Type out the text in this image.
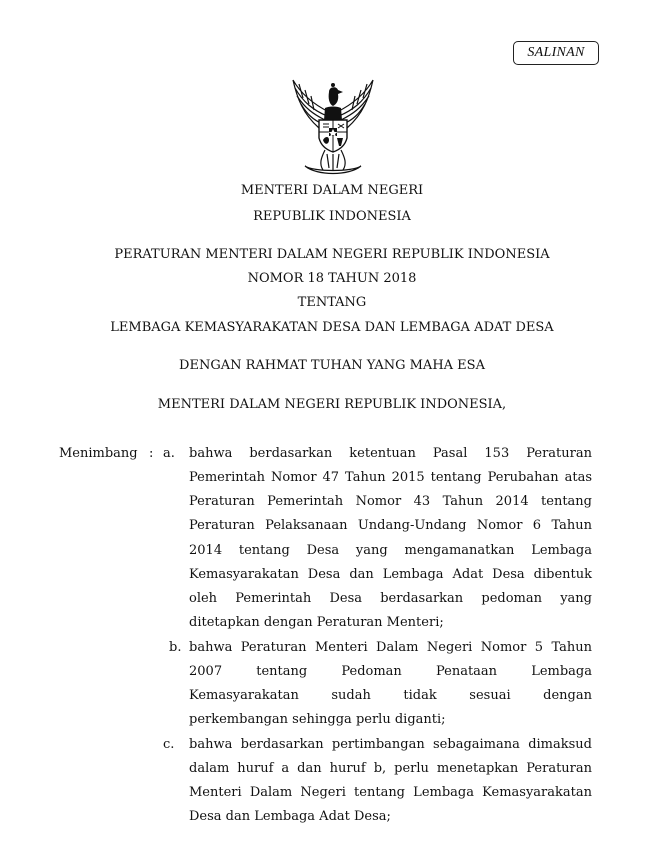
SALINAN
MENTERI DALAM NEGERI
REPUBLIK INDONESIA
PERATURAN MENTERI DALAM NEGERI REPUBLIK INDONESIA
NOMOR 18 TAHUN 2018
TENTANG
LEMBAGA KEMASYARAKATAN DESA DAN LEMBAGA ADAT DESA
DENGAN RAHMAT TUHAN YANG MAHA ESA
MENTERI DALAM NEGERI REPUBLIK INDONESIA,
Menimbang : a. bahwa berdasarkan ketentuan Pasal 153 Peraturan
Pemerintah Nomor 47 Tahun 2015 tentang Perubahan atas
Peraturan Pemerintah Nomor 43 Tahun 2014 tentang
Peraturan Pelaksanaan Undang-Undang Nomor 6 Tahun
2014 tentang Desa yang mengamanatkan Lembaga
Kemasyarakatan Desa dan Lembaga Adat Desa dibentuk
oleh Pemerintah Desa berdasarkan pedoman yang
ditetapkan dengan Peraturan Menteri;
b. bahwa Peraturan Menteri Dalam Negeri Nomor 5 Tahun
2007 tentang Pedoman Penataan Lembaga
Kemasyarakatan sudah tidak sesuai dengan
perkembangan sehingga perlu diganti;
c. bahwa berdasarkan pertimbangan sebagaimana dimaksud
dalam huruf a dan huruf b, perlu menetapkan Peraturan
Menteri Dalam Negeri tentang Lembaga Kemasyarakatan
Desa dan Lembaga Adat Desa;
